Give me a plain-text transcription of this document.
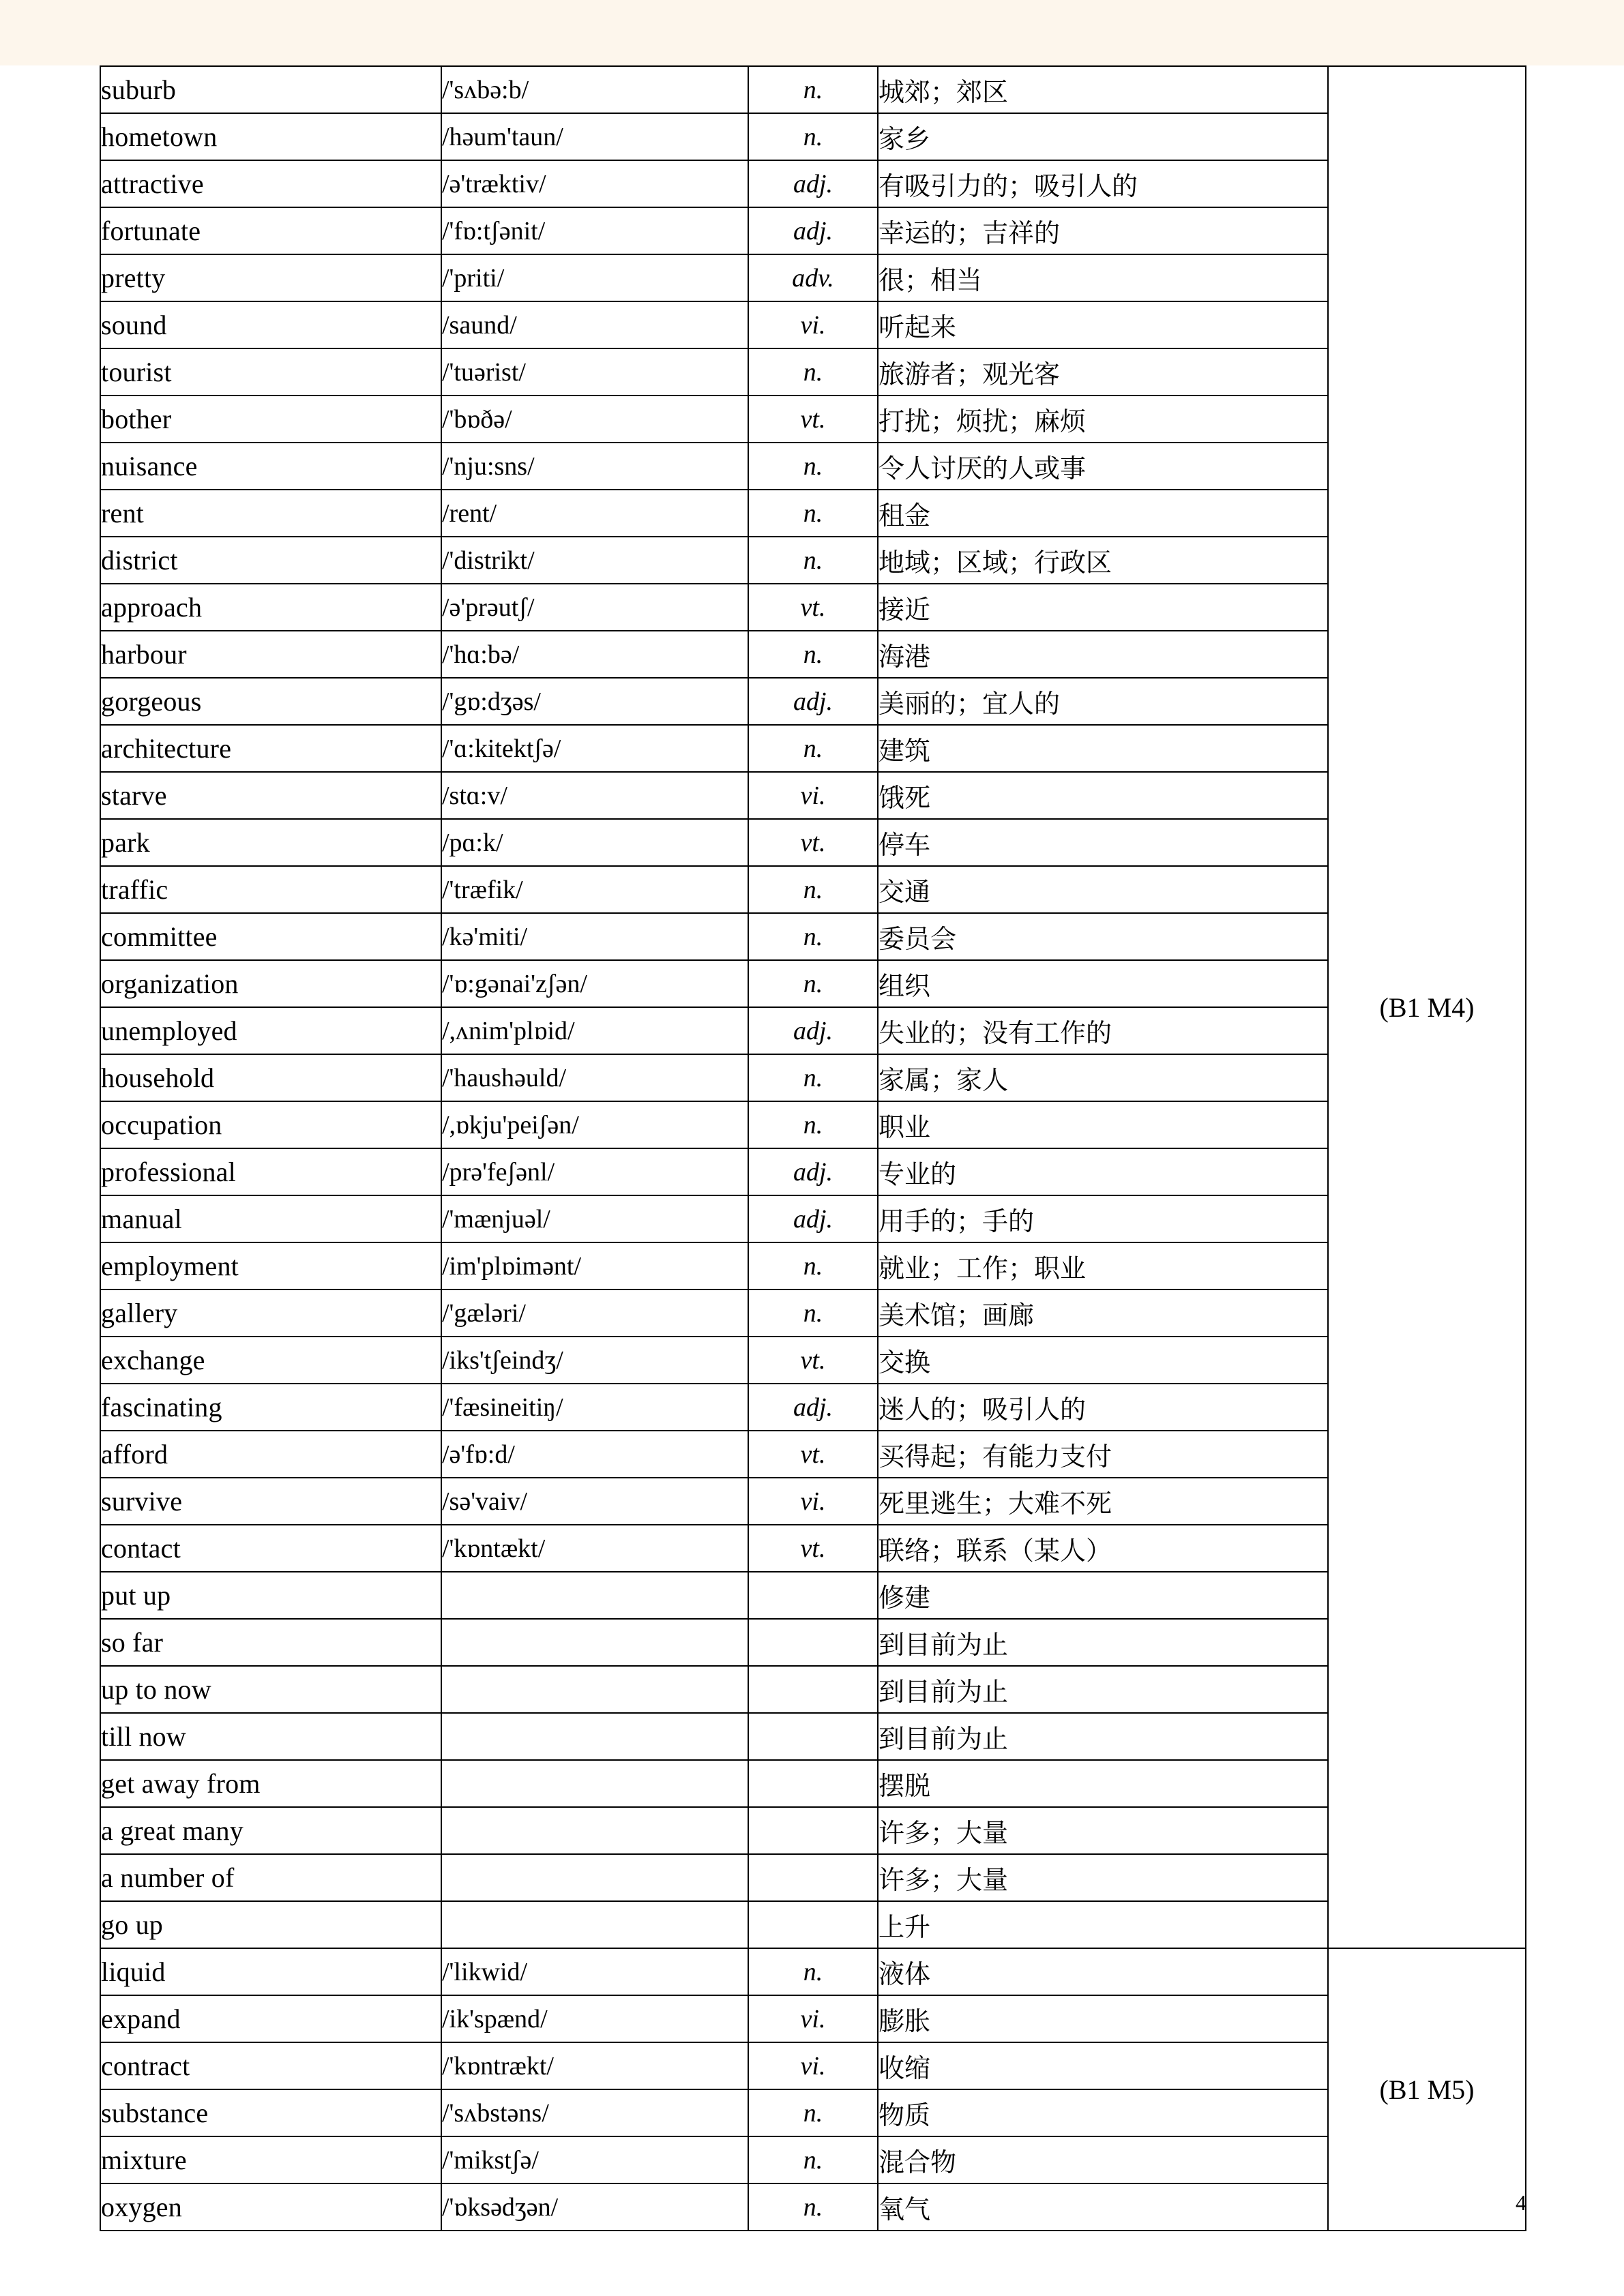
suburb	/'sʌbə:b/	n.	城郊；郊区	(B1 M4)
hometown	/həum'taun/	n.	家乡	
attractive	/ə'træktiv/	adj.	有吸引力的；吸引人的	
fortunate	/'fɒ:tʃənit/	adj.	幸运的；吉祥的	
pretty	/'priti/	adv.	很；相当	
sound	/saund/	vi.	听起来	
tourist	/'tuərist/	n.	旅游者；观光客	
bother	/'bɒðə/	vt.	打扰；烦扰；麻烦	
nuisance	/'nju:sns/	n.	令人讨厌的人或事	
rent	/rent/	n.	租金	
district	/'distrikt/	n.	地域；区域；行政区	
approach	/ə'prəutʃ/	vt.	接近	
harbour	/'hɑ:bə/	n.	海港	
gorgeous	/'gɒ:dʒəs/	adj.	美丽的；宜人的	
architecture	/'ɑ:kitektʃə/	n.	建筑	
starve	/stɑ:v/	vi.	饿死	
park	/pɑ:k/	vt.	停车	
traffic	/'træfik/	n.	交通	
committee	/kə'miti/	n.	委员会	
organization	/'ɒ:gənai'zʃən/	n.	组织	
unemployed	/,ʌnim'plɒid/	adj.	失业的；没有工作的	
household	/'haushəuld/	n.	家属；家人	
occupation	/,ɒkju'peiʃən/	n.	职业	
professional	/prə'feʃənl/	adj.	专业的	
manual	/'mænjuəl/	adj.	用手的；手的	
employment	/im'plɒimənt/	n.	就业；工作；职业	
gallery	/'gæləri/	n.	美术馆；画廊	
exchange	/iks'tʃeindʒ/	vt.	交换	
fascinating	/'fæsineitiŋ/	adj.	迷人的；吸引人的	
afford	/ə'fɒ:d/	vt.	买得起；有能力支付	
survive	/sə'vaiv/	vi.	死里逃生；大难不死	
contact	/'kɒntækt/	vt.	联络；联系（某人）	
put up			修建	
so far			到目前为止	
up to now			到目前为止	
till now			到目前为止	
get away from			摆脱	
a great many			许多；大量	
a number of			许多；大量	
go up			上升	
liquid	/'likwid/	n.	液体	(B1 M5)
expand	/ik'spænd/	vi.	膨胀	
contract	/'kɒntrækt/	vi.	收缩	
substance	/'sʌbstəns/	n.	物质	
mixture	/'mikstʃə/	n.	混合物	
oxygen	/'ɒksədʒən/	n.	氧气		4
